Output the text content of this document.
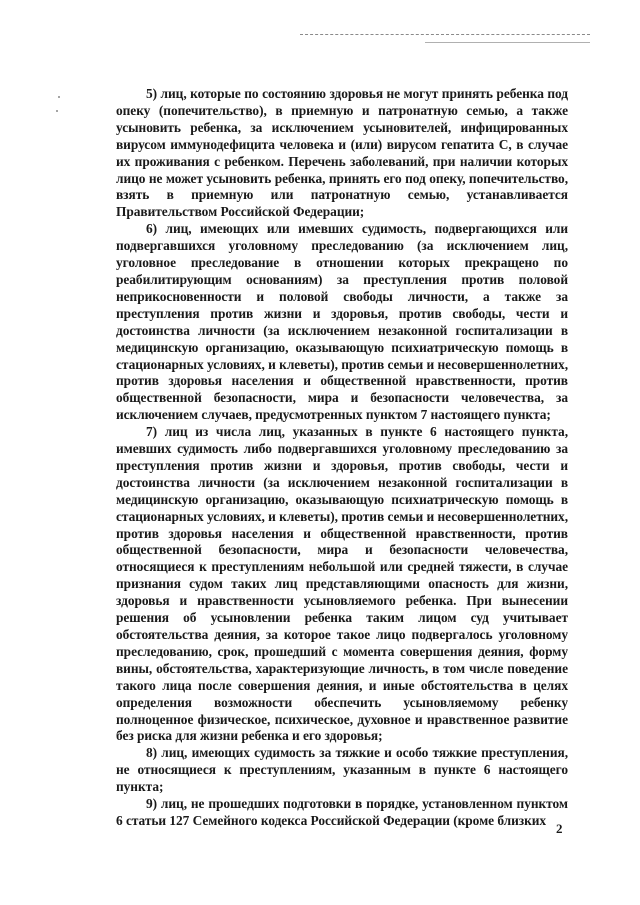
5) лиц, которые по состоянию здоровья не могут принять ребенка под опеку (попечительство), в приемную и патронатную семью, а также усыновить ребенка, за исключением усыновителей, инфицированных вирусом иммунодефицита человека и (или) вирусом гепатита С, в случае их проживания с ребенком. Перечень заболеваний, при наличии которых лицо не может усыновить ребенка, принять его под опеку, попечительство, взять в приемную или патронатную семью, устанавливается Правительством Российской Федерации;

6) лиц, имеющих или имевших судимость, подвергающихся или подвергавшихся уголовному преследованию (за исключением лиц, уголовное преследование в отношении которых прекращено по реабилитирующим основаниям) за преступления против половой неприкосновенности и половой свободы личности, а также за преступления против жизни и здоровья, против свободы, чести и достоинства личности (за исключением незаконной госпитализации в медицинскую организацию, оказывающую психиатрическую помощь в стационарных условиях, и клеветы), против семьи и несовершеннолетних, против здоровья населения и общественной нравственности, против общественной безопасности, мира и безопасности человечества, за исключением случаев, предусмотренных пунктом 7 настоящего пункта;

7) лиц из числа лиц, указанных в пункте 6 настоящего пункта, имевших судимость либо подвергавшихся уголовному преследованию за преступления против жизни и здоровья, против свободы, чести и достоинства личности (за исключением незаконной госпитализации в медицинскую организацию, оказывающую психиатрическую помощь в стационарных условиях, и клеветы), против семьи и несовершеннолетних, против здоровья населения и общественной нравственности, против общественной безопасности, мира и безопасности человечества, относящиеся к преступлениям небольшой или средней тяжести, в случае признания судом таких лиц представляющими опасность для жизни, здоровья и нравственности усыновляемого ребенка. При вынесении решения об усыновлении ребенка таким лицом суд учитывает обстоятельства деяния, за которое такое лицо подвергалось уголовному преследованию, срок, прошедший с момента совершения деяния, форму вины, обстоятельства, характеризующие личность, в том числе поведение такого лица после совершения деяния, и иные обстоятельства в целях определения возможности обеспечить усыновляемому ребенку полноценное физическое, психическое, духовное и нравственное развитие без риска для жизни ребенка и его здоровья;

8) лиц, имеющих судимость за тяжкие и особо тяжкие преступления, не относящиеся к преступлениям, указанным в пункте 6 настоящего пункта;

9) лиц, не прошедших подготовки в порядке, установленном пунктом 6 статьи 127 Семейного кодекса Российской Федерации (кроме близких

2
